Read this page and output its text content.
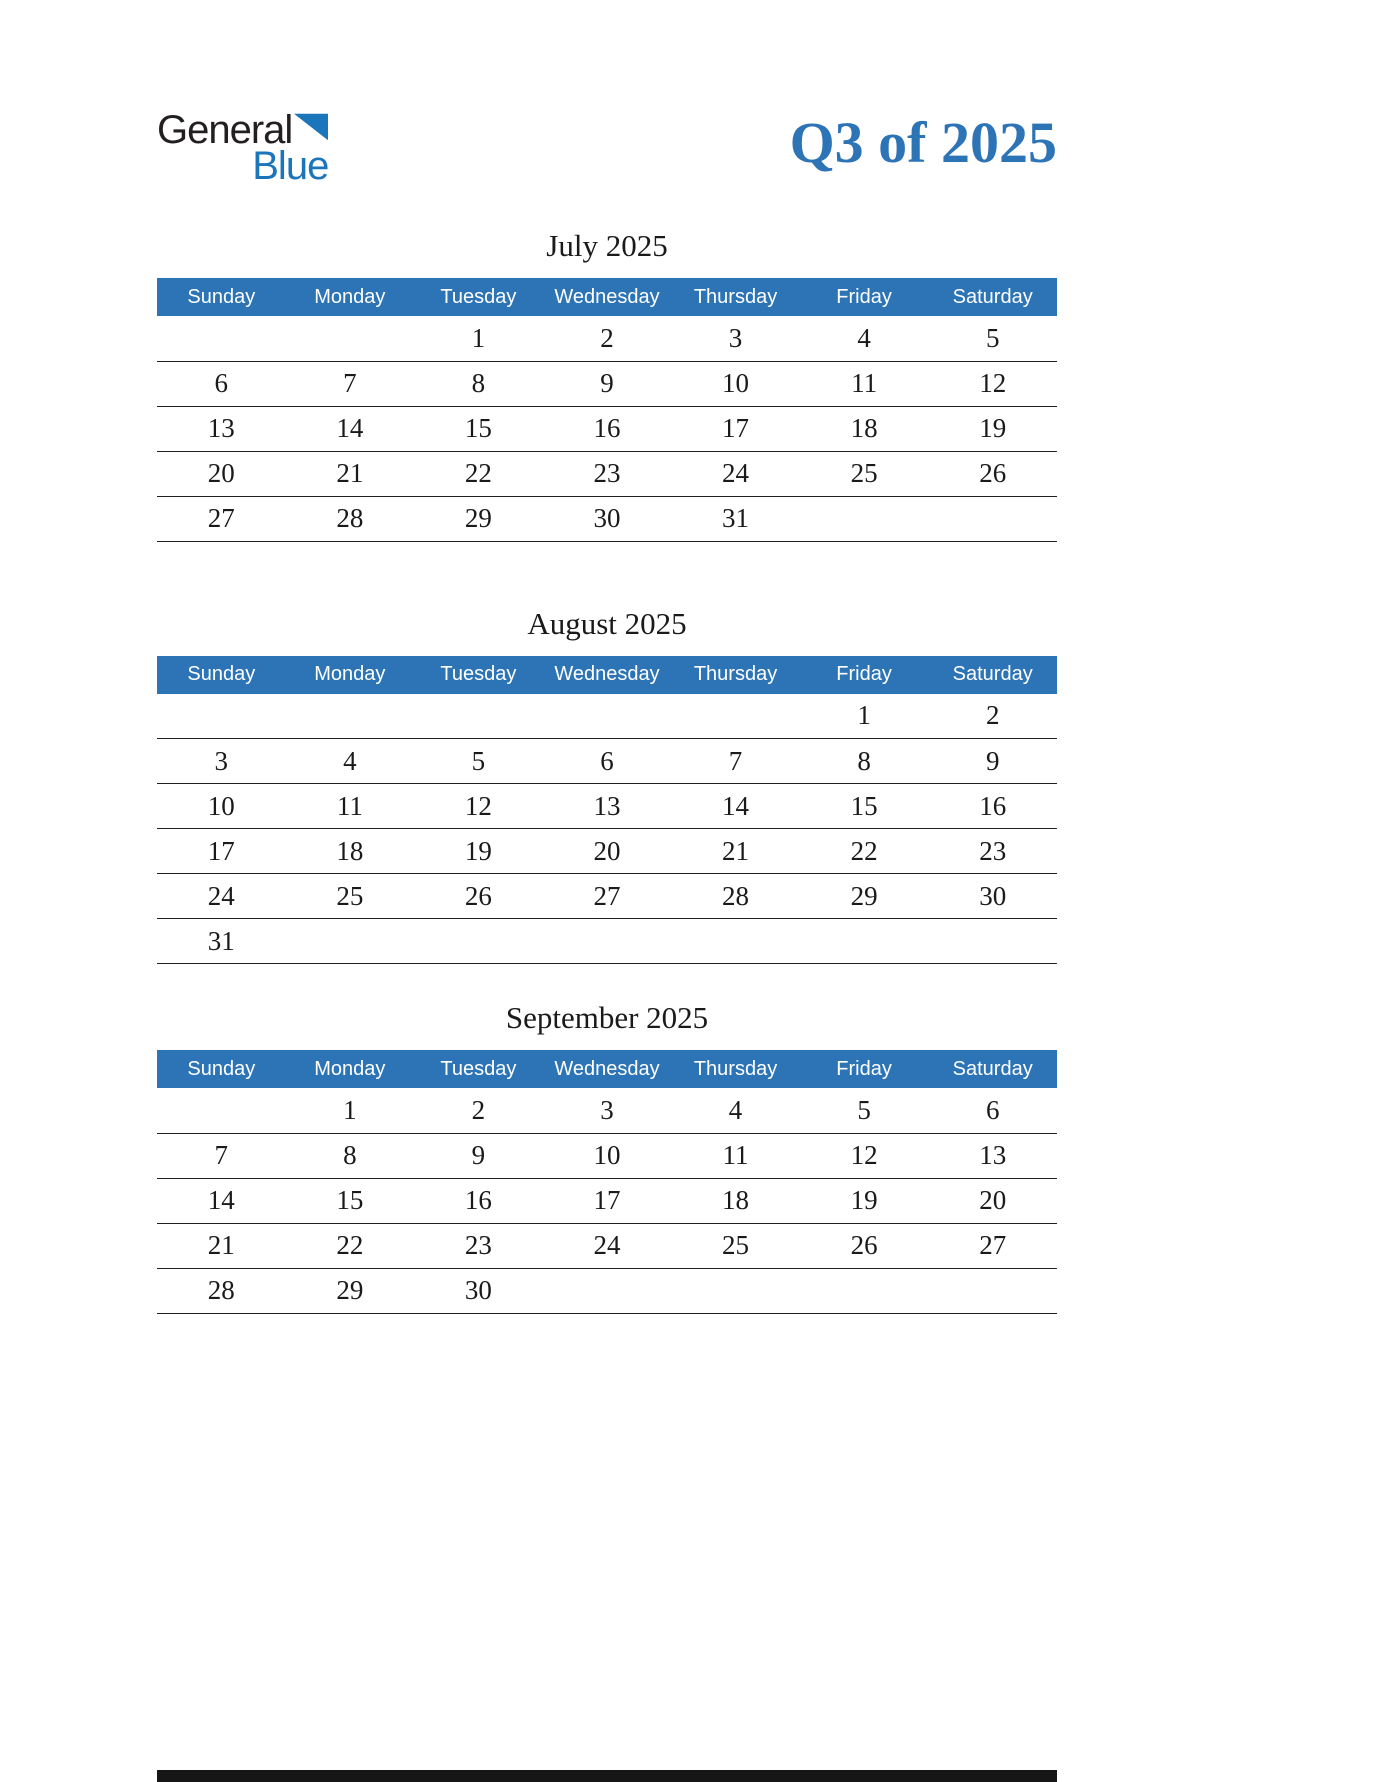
General
Blue	Q3 of 2025
July 2025
Sunday	Monday	Tuesday	Wednesday	Thursday	Friday	Saturday
		1	2	3	4	5
6	7	8	9	10	11	12
13	14	15	16	17	18	19
20	21	22	23	24	25	26
27	28	29	30	31		
August 2025
Sunday	Monday	Tuesday	Wednesday	Thursday	Friday	Saturday
					1	2
3	4	5	6	7	8	9
10	11	12	13	14	15	16
17	18	19	20	21	22	23
24	25	26	27	28	29	30
31						
September 2025
Sunday	Monday	Tuesday	Wednesday	Thursday	Friday	Saturday
	1	2	3	4	5	6
7	8	9	10	11	12	13
14	15	16	17	18	19	20
21	22	23	24	25	26	27
28	29	30				
